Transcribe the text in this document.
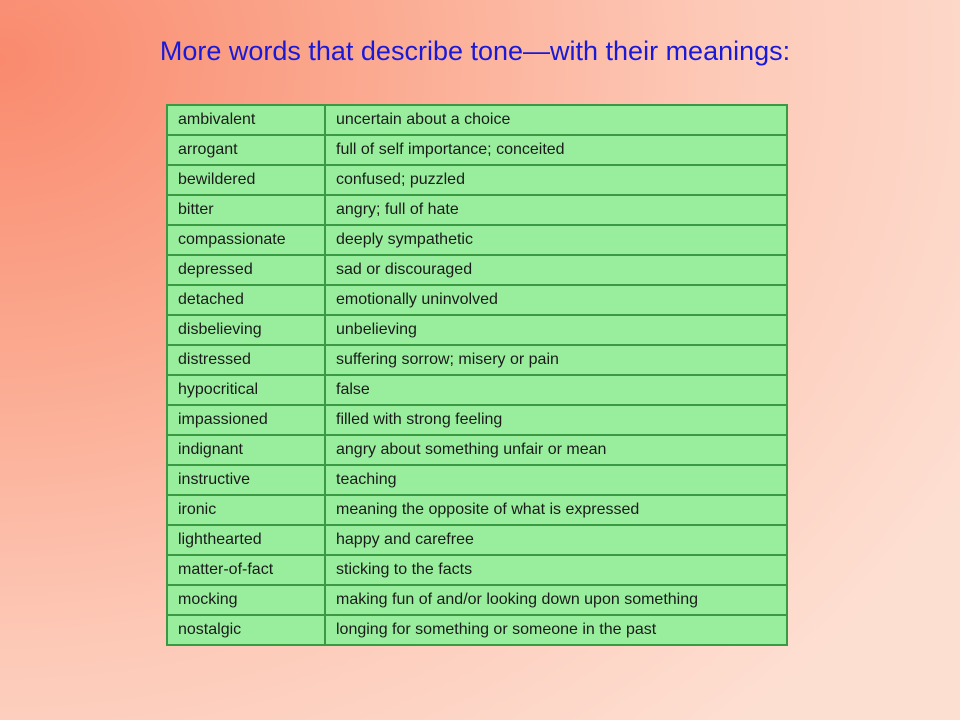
More words that describe tone—with their meanings:
ambivalent	uncertain about a choice
arrogant	full of self importance; conceited
bewildered	confused; puzzled
bitter	angry; full of hate
compassionate	deeply sympathetic
depressed	sad or discouraged
detached	emotionally uninvolved
disbelieving	unbelieving
distressed	suffering sorrow; misery or pain
hypocritical	false
impassioned	filled with strong feeling
indignant	angry about something unfair or mean
instructive	teaching
ironic	meaning the opposite of what is expressed
lighthearted	happy and carefree
matter-of-fact	sticking to the facts
mocking	making fun of and/or looking down upon something
nostalgic	longing for something or someone in the past
